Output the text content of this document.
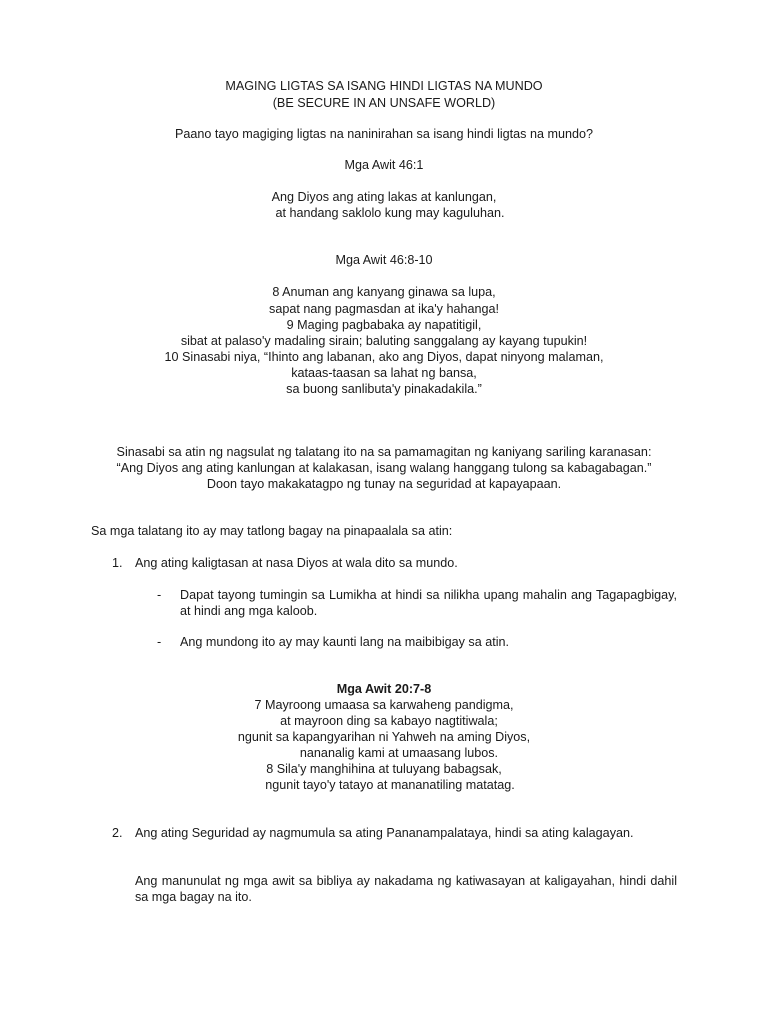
MAGING LIGTAS SA ISANG HINDI LIGTAS NA MUNDO
(BE SECURE IN AN UNSAFE WORLD)
Paano tayo magiging ligtas na naninirahan sa isang hindi ligtas na mundo?
Mga Awit 46:1
Ang Diyos ang ating lakas at kanlungan,
at handang saklolo kung may kaguluhan.
Mga Awit 46:8-10
8 Anuman ang kanyang ginawa sa lupa,
sapat nang pagmasdan at ika'y hahanga!
9 Maging pagbabaka ay napatitigil,
sibat at palaso'y madaling sirain; baluting sanggalang ay kayang tupukin!
10 Sinasabi niya, “Ihinto ang labanan, ako ang Diyos, dapat ninyong malaman,
kataas-taasan sa lahat ng bansa,
sa buong sanlibuta'y pinakadakila.”
Sinasabi sa atin ng nagsulat ng talatang ito na sa pamamagitan ng kaniyang sariling karanasan:
“Ang Diyos ang ating kanlungan at kalakasan, isang walang hanggang tulong sa kabagabagan.”
Doon tayo makakatagpo ng tunay na seguridad at kapayapaan.
Sa mga talatang ito ay may tatlong bagay na pinapaalala sa atin:
1. Ang ating kaligtasan at nasa Diyos at wala dito sa mundo.
- Dapat tayong tumingin sa Lumikha at hindi sa nilikha upang mahalin ang Tagapagbigay, at hindi ang mga kaloob.
- Ang mundong ito ay may kaunti lang na maibibigay sa atin.
Mga Awit 20:7-8
7 Mayroong umaasa sa karwaheng pandigma,
at mayroon ding sa kabayo nagtitiwala;
ngunit sa kapangyarihan ni Yahweh na aming Diyos,
nananalig kami at umaasang lubos.
8 Sila'y manghihina at tuluyang babagsak,
ngunit tayo'y tatayo at mananatiling matatag.
2. Ang ating Seguridad ay nagmumula sa ating Pananampalataya, hindi sa ating kalagayan.
Ang manunulat ng mga awit sa bibliya ay nakadama ng katiwasayan at kaligayahan, hindi dahil sa mga bagay na ito.
